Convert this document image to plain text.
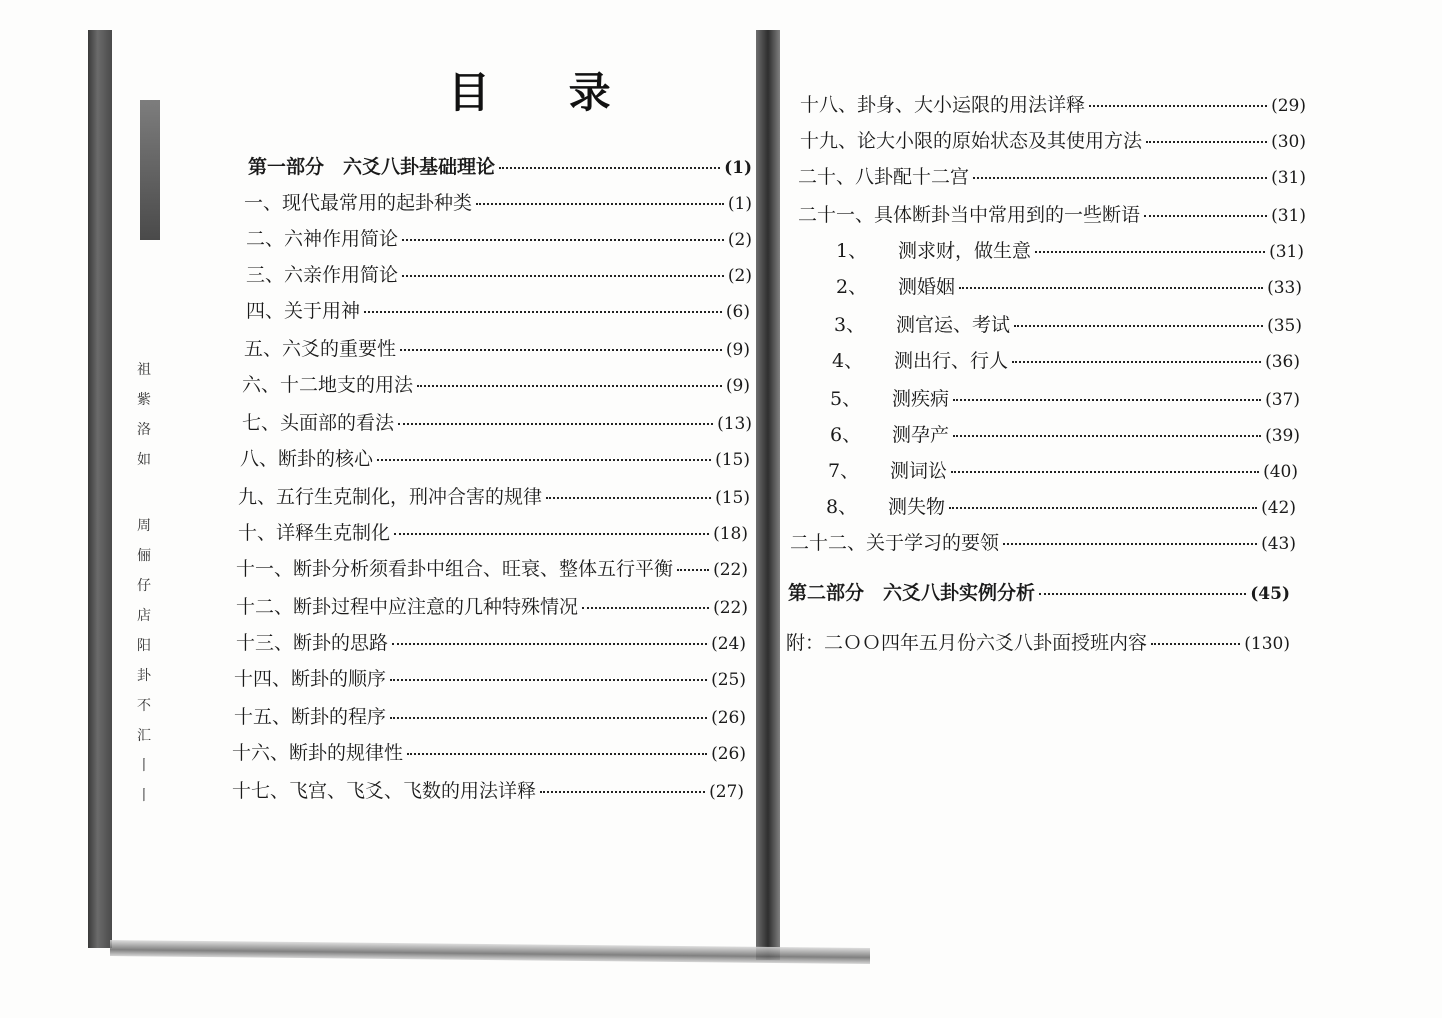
祖
紫
洛
如
周
俪
仔
店
阳
卦
不
汇
丨
丨
目 录
第一部分　六爻八卦基础理论	(1)
一、现代最常用的起卦种类	(1)
二、六神作用简论	(2)
三、六亲作用简论	(2)
四、关于用神	(6)
五、六爻的重要性	(9)
六、十二地支的用法	(9)
七、头面部的看法	(13)
八、断卦的核心	(15)
九、五行生克制化，刑冲合害的规律	(15)
十、详释生克制化	(18)
十一、断卦分析须看卦中组合、旺衰、整体五行平衡 (22)
十二、断卦过程中应注意的几种特殊情况	(22)
十三、断卦的思路	(24)
十四、断卦的顺序	(25)
十五、断卦的程序	(26)
十六、断卦的规律性	(26)
十七、飞宫、飞爻、飞数的用法详释	(27)
十八、卦身、大小运限的用法详释	(29)
十九、论大小限的原始状态及其使用方法	(30)
二十、八卦配十二宫	(31)
二十一、具体断卦当中常用到的一些断语	(31)
1、	测求财，做生意	(31)
2、	测婚姻	(33)
3、	测官运、考试	(35)
4、	测出行、行人	(36)
5、	测疾病	(37)
6、	测孕产	(39)
7、	测词讼	(40)
8、	测失物	(42)
二十二、关于学习的要领	(43)
第二部分　六爻八卦实例分析	(45)
附：二ＯＯ四年五月份六爻八卦面授班内容	(130)
